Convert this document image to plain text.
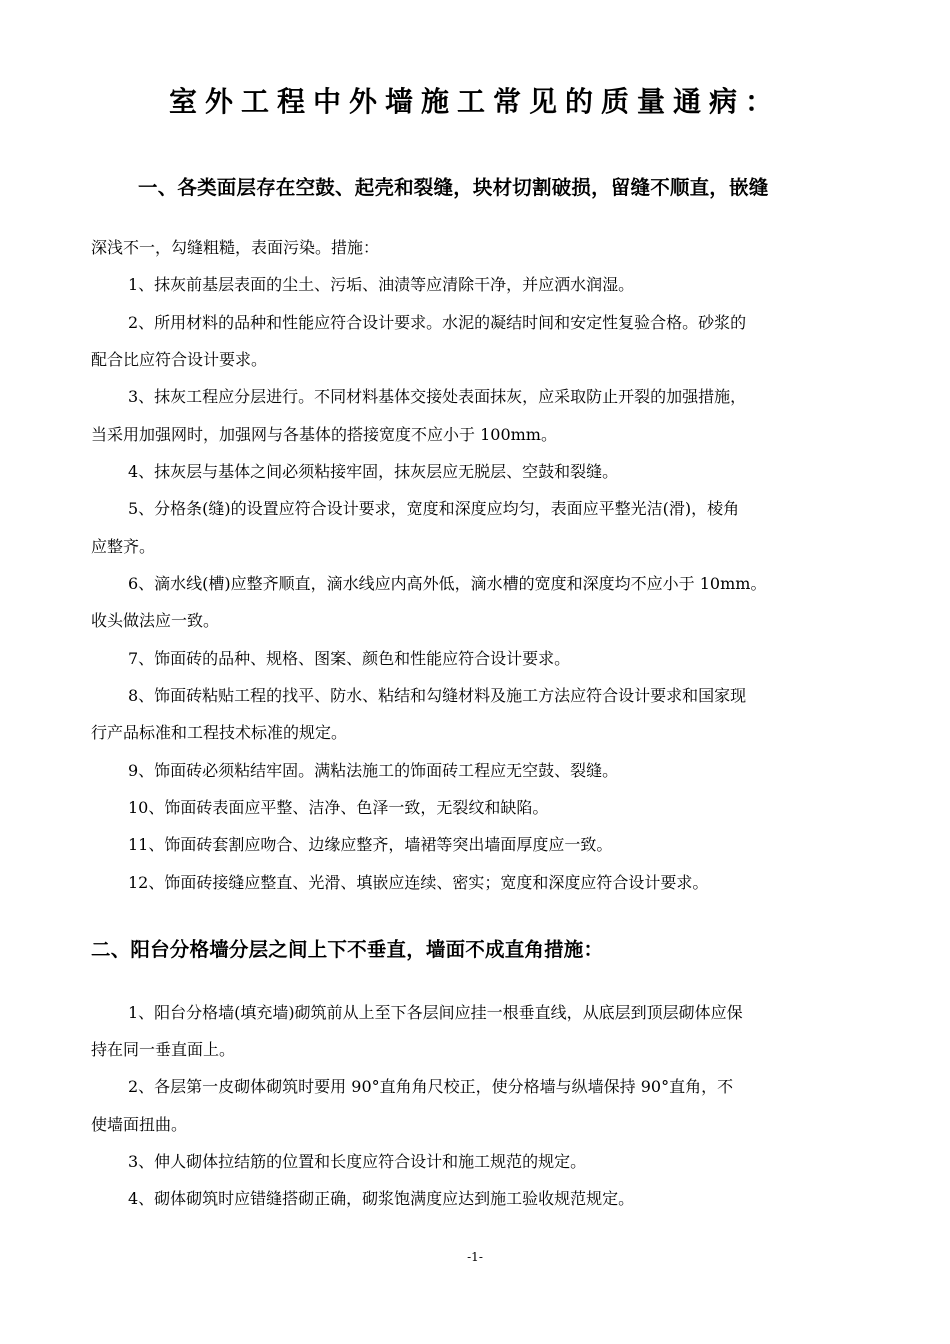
室外工程中外墙施工常见的质量通病：
一、各类面层存在空鼓、起壳和裂缝，块材切割破损，留缝不顺直，嵌缝

深浅不一，勾缝粗糙，表面污染。措施：

1、抹灰前基层表面的尘土、污垢、油渍等应清除干净，并应洒水润湿。

2、所用材料的品种和性能应符合设计要求。水泥的凝结时间和安定性复验合格。砂浆的

配合比应符合设计要求。

3、抹灰工程应分层进行。不同材料基体交接处表面抹灰，应采取防止开裂的加强措施，

当采用加强网时，加强网与各基体的搭接宽度不应小于 100mm。

4、抹灰层与基体之间必须粘接牢固，抹灰层应无脱层、空鼓和裂缝。

5、分格条(缝)的设置应符合设计要求，宽度和深度应均匀，表面应平整光洁(滑)，棱角

应整齐。

6、滴水线(槽)应整齐顺直，滴水线应内高外低，滴水槽的宽度和深度均不应小于 10mm。

收头做法应一致。

7、饰面砖的品种、规格、图案、颜色和性能应符合设计要求。

8、饰面砖粘贴工程的找平、防水、粘结和勾缝材料及施工方法应符合设计要求和国家现

行产品标准和工程技术标准的规定。

9、饰面砖必须粘结牢固。满粘法施工的饰面砖工程应无空鼓、裂缝。

10、饰面砖表面应平整、洁净、色泽一致，无裂纹和缺陷。

11、饰面砖套割应吻合、边缘应整齐，墙裙等突出墙面厚度应一致。

12、饰面砖接缝应整直、光滑、填嵌应连续、密实；宽度和深度应符合设计要求。

二、阳台分格墙分层之间上下不垂直，墙面不成直角措施：

1、阳台分格墙(填充墙)砌筑前从上至下各层间应挂一根垂直线，从底层到顶层砌体应保

持在同一垂直面上。

2、各层第一皮砌体砌筑时要用 90°直角角尺校正，使分格墙与纵墙保持 90°直角，不

使墙面扭曲。

3、伸人砌体拉结筋的位置和长度应符合设计和施工规范的规定。

4、砌体砌筑时应错缝搭砌正确，砌浆饱满度应达到施工验收规范规定。

-1-
